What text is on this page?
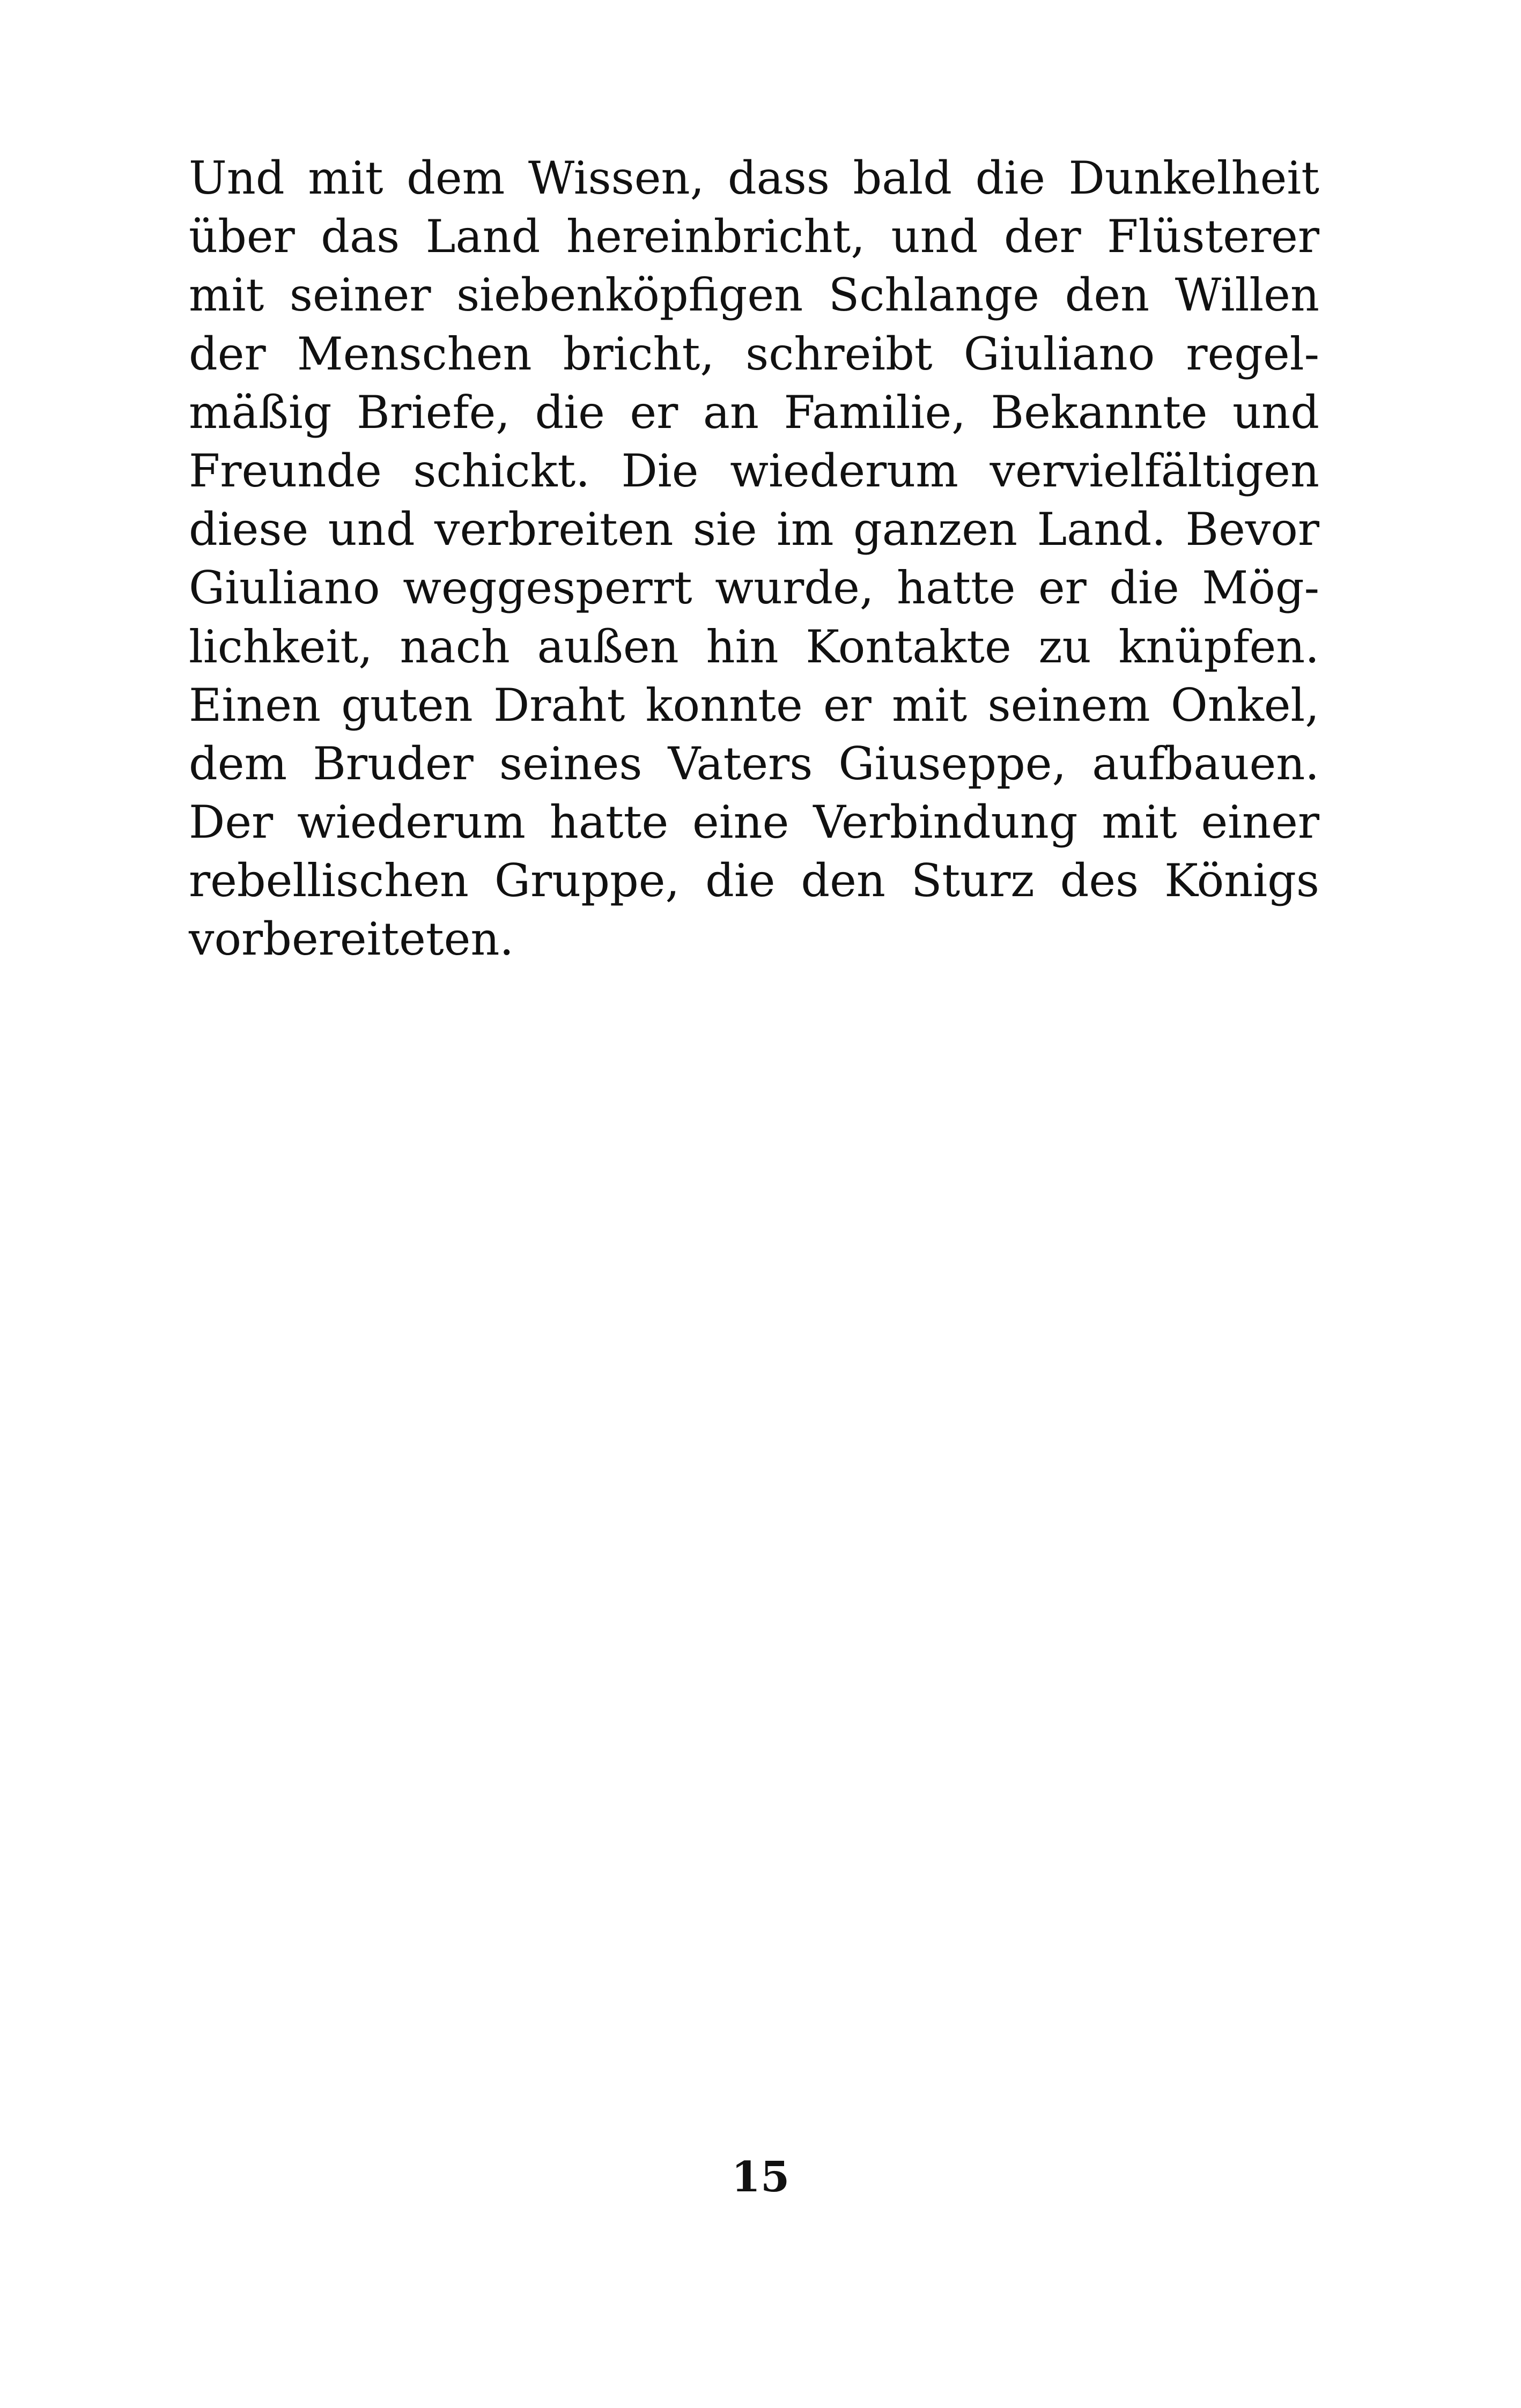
Und mit dem Wissen, dass bald die Dunkelheit
über das Land hereinbricht, und der Flüsterer
mit seiner siebenköpfigen Schlange den Willen
der Menschen bricht, schreibt Giuliano regel-
mäßig Briefe, die er an Familie, Bekannte und
Freunde schickt. Die wiederum vervielfältigen
diese und verbreiten sie im ganzen Land. Bevor
Giuliano weggesperrt wurde, hatte er die Mög-
lichkeit, nach außen hin Kontakte zu knüpfen.
Einen guten Draht konnte er mit seinem Onkel,
dem Bruder seines Vaters Giuseppe, aufbauen.
Der wiederum hatte eine Verbindung mit einer
rebellischen Gruppe, die den Sturz des Königs
vorbereiteten.
15
